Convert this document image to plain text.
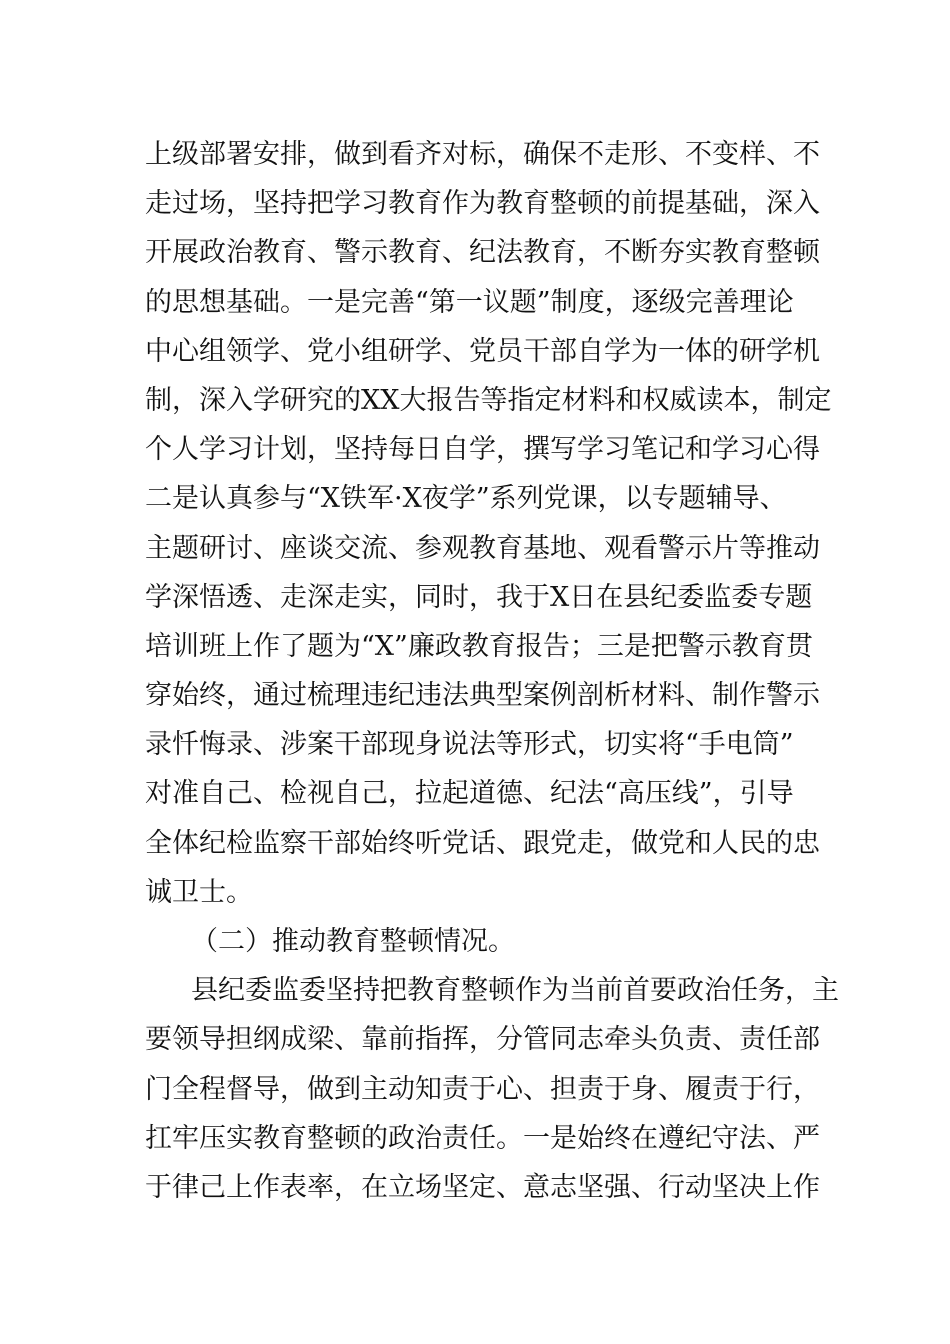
上级部署安排，做到看齐对标，确保不走形、不变样、不

走过场，坚持把学习教育作为教育整顿的前提基础，深入

开展政治教育、警示教育、纪法教育，不断夯实教育整顿

的思想基础。一是完善“第一议题”制度，逐级完善理论

中心组领学、党小组研学、党员干部自学为一体的研学机

制，深入学研究的XX大报告等指定材料和权威读本，制定

个人学习计划，坚持每日自学，撰写学习笔记和学习心得

二是认真参与“X铁军·X夜学”系列党课，以专题辅导、

主题研讨、座谈交流、参观教育基地、观看警示片等推动

学深悟透、走深走实，同时，我于X日在县纪委监委专题

培训班上作了题为“X”廉政教育报告；三是把警示教育贯

穿始终，通过梳理违纪违法典型案例剖析材料、制作警示

录忏悔录、涉案干部现身说法等形式，切实将“手电筒”

对准自己、检视自己，拉起道德、纪法“高压线”，引导

全体纪检监察干部始终听党话、跟党走，做党和人民的忠

诚卫士。

（二）推动教育整顿情况。

县纪委监委坚持把教育整顿作为当前首要政治任务，主

要领导担纲成梁、靠前指挥，分管同志牵头负责、责任部

门全程督导，做到主动知责于心、担责于身、履责于行，

扛牢压实教育整顿的政治责任。一是始终在遵纪守法、严

于律己上作表率，在立场坚定、意志坚强、行动坚决上作
